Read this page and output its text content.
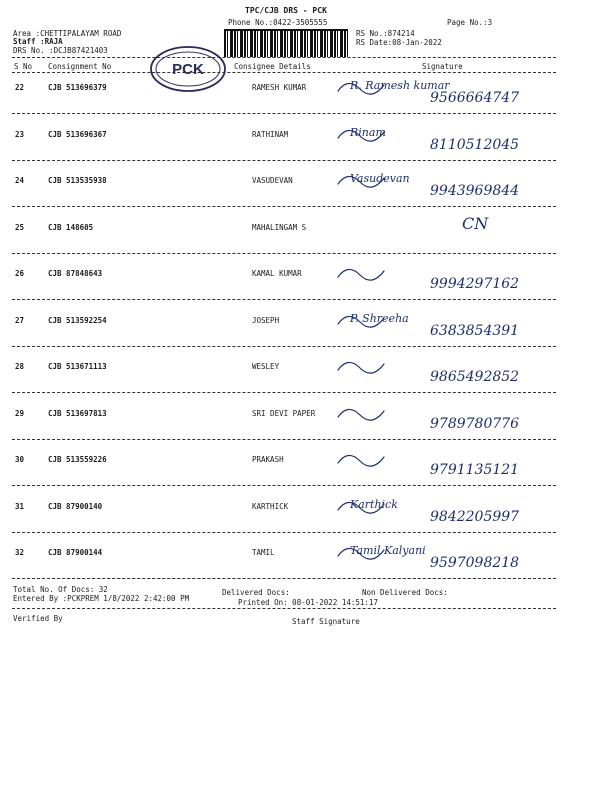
TPC/CJB DRS - PCK
Phone No.:0422-3505555	Page No.:3
Area :CHETTIPALAYAM ROAD
Staff :RAJA
DRS No. :DCJB87421403
RS No.:874214
RS Date:08-Jan-2022
S No Consignment No	Consignee Details	Signature
PCK
22	CJB 513696379	RAMESH KUMAR	R. Ramesh kumar
9566664747
23	CJB 513696367	RATHINAM	Rinam
8110512045
24	CJB 513535938	VASUDEVAN	Vasudevan
9943969844
25	CJB 148605	MAHALINGAM S	CN
26	CJB 87848643	KAMAL KUMAR
9994297162
27	CJB 513592254	JOSEPH	P. Shreeha
6383854391
28	CJB 513671113	WESLEY
9865492852
29	CJB 513697813	SRI DEVI PAPER
9789780776
30	CJB 513559226	PRAKASH
9791135121
31	CJB 87900140	KARTHICK	Karthick
9842205997
32	CJB 87900144	TAMIL	Tamil Kalyani
9597098218
Total No. Of Docs: 32	Delivered Docs:	Non Delivered Docs:
Entered By :PCKPREM 1/8/2022 2:42:00 PM	Printed On: 08-01-2022 14:51:17
Verified By	Staff Signature
